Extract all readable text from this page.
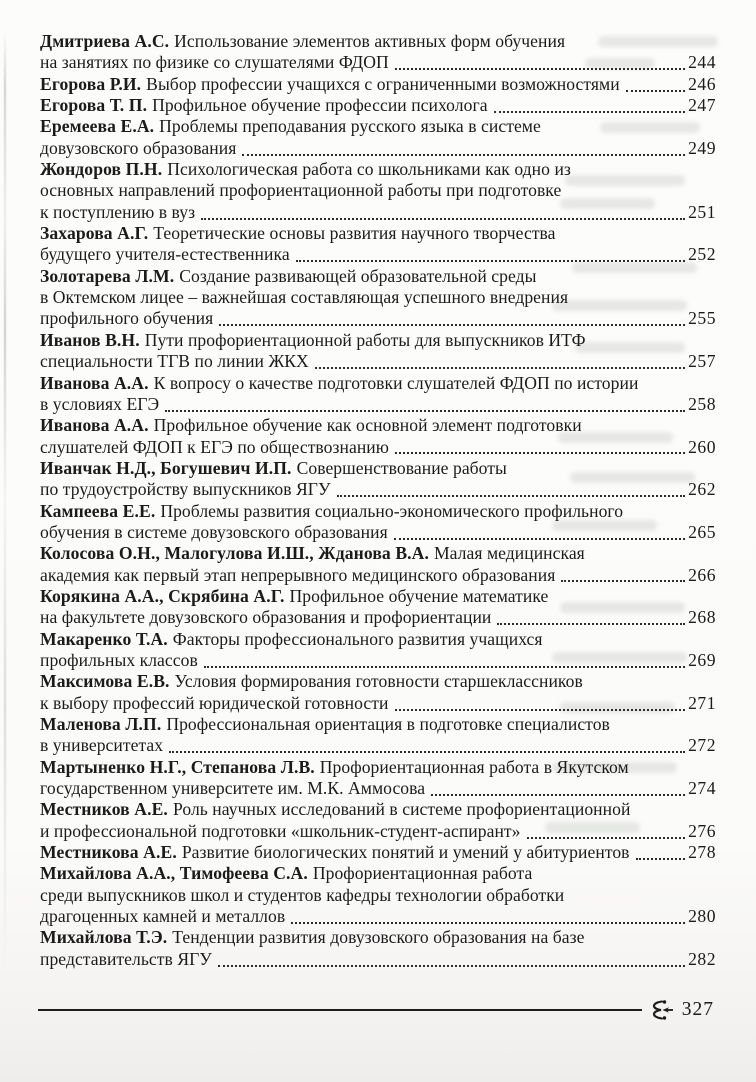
Дмитриева А.С. Использование элементов активных форм обучения
на занятиях по физике со слушателями ФДОП	244
Егорова Р.И. Выбор профессии учащихся с ограниченными возможностями	246
Егорова Т. П. Профильное обучение профессии психолога	247
Еремеева Е.А. Проблемы преподавания русского языка в системе
довузовского образования	249
Жондоров П.Н. Психологическая работа со школьниками как одно из
основных направлений профориентационной работы при подготовке
к поступлению в вуз	251
Захарова А.Г. Теоретические основы развития научного творчества
будущего учителя-естественника	252
Золотарева Л.М. Создание развивающей образовательной среды
в Октемском лицее – важнейшая составляющая успешного внедрения
профильного обучения	255
Иванов В.Н. Пути профориентационной работы для выпускников ИТФ
специальности ТГВ по линии ЖКХ	257
Иванова А.А. К вопросу о качестве подготовки слушателей ФДОП по истории
в условиях ЕГЭ	258
Иванова А.А. Профильное обучение как основной элемент подготовки
слушателей ФДОП к ЕГЭ по обществознанию	260
Иванчак Н.Д., Богушевич И.П. Совершенствование работы
по трудоустройству выпускников ЯГУ	262
Кампеева Е.Е. Проблемы развития социально-экономического профильного
обучения в системе довузовского образования	265
Колосова О.Н., Малогулова И.Ш., Жданова В.А. Малая медицинская
академия как первый этап непрерывного медицинского образования	266
Корякина А.А., Скрябина А.Г. Профильное обучение математике
на факультете довузовского образования и профориентации	268
Макаренко Т.А. Факторы профессионального развития учащихся
профильных классов	269
Максимова Е.В. Условия формирования готовности старшеклассников
к выбору профессий юридической готовности	271
Маленова Л.П. Профессиональная ориентация в подготовке специалистов
в университетах	272
Мартыненко Н.Г., Степанова Л.В. Профориентационная работа в Якутском
государственном университете им. М.К. Аммосова	274
Местников А.Е. Роль научных исследований в системе профориентационной
и профессиональной подготовки «школьник-студент-аспирант»	276
Местникова А.Е. Развитие биологических понятий и умений у абитуриентов	278
Михайлова А.А., Тимофеева С.А. Профориентационная работа
среди выпускников школ и студентов кафедры технологии обработки
драгоценных камней и металлов	280
Михайлова Т.Э. Тенденции развития довузовского образования на базе
представительств ЯГУ	282
327
